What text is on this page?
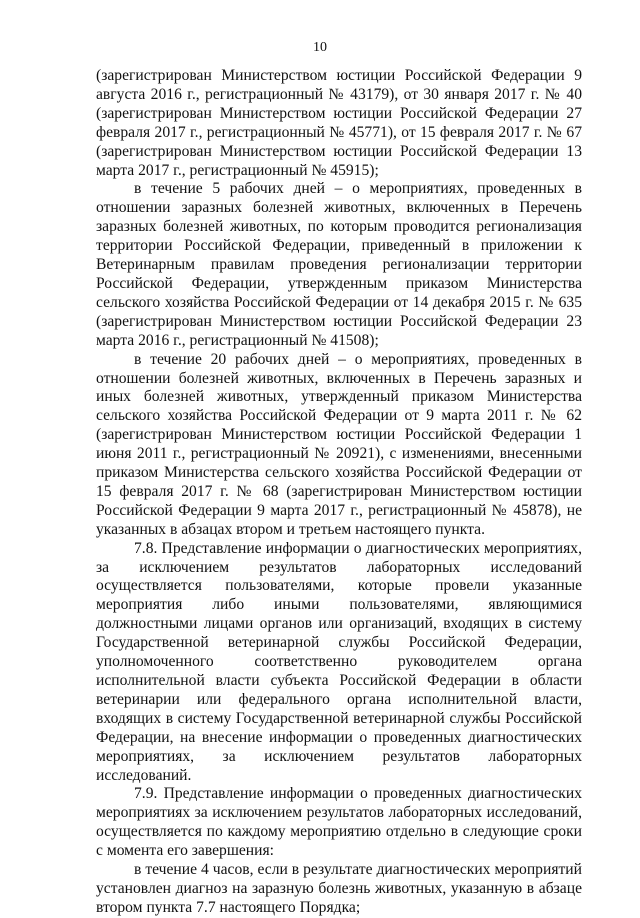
10

(зарегистрирован Министерством юстиции Российской Федерации 9 августа 2016 г., регистрационный № 43179), от 30 января 2017 г. № 40 (зарегистрирован Министерством юстиции Российской Федерации 27 февраля 2017 г., регистрационный № 45771), от 15 февраля 2017 г. № 67 (зарегистрирован Министерством юстиции Российской Федерации 13 марта 2017 г., регистрационный № 45915);

в течение 5 рабочих дней – о мероприятиях, проведенных в отношении заразных болезней животных, включенных в Перечень заразных болезней животных, по которым проводится регионализация территории Российской Федерации, приведенный в приложении к Ветеринарным правилам проведения регионализации территории Российской Федерации, утвержденным приказом Министерства сельского хозяйства Российской Федерации от 14 декабря 2015 г. № 635 (зарегистрирован Министерством юстиции Российской Федерации 23 марта 2016 г., регистрационный № 41508);

в течение 20 рабочих дней – о мероприятиях, проведенных в отношении болезней животных, включенных в Перечень заразных и иных болезней животных, утвержденный приказом Министерства сельского хозяйства Российской Федерации от 9 марта 2011 г. № 62 (зарегистрирован Министерством юстиции Российской Федерации 1 июня 2011 г., регистрационный № 20921), с изменениями, внесенными приказом Министерства сельского хозяйства Российской Федерации от 15 февраля 2017 г. № 68 (зарегистрирован Министерством юстиции Российской Федерации 9 марта 2017 г., регистрационный № 45878), не указанных в абзацах втором и третьем настоящего пункта.

7.8. Представление информации о диагностических мероприятиях, за исключением результатов лабораторных исследований осуществляется пользователями, которые провели указанные мероприятия либо иными пользователями, являющимися должностными лицами органов или организаций, входящих в систему Государственной ветеринарной службы Российской Федерации, уполномоченного соответственно руководителем органа исполнительной власти субъекта Российской Федерации в области ветеринарии или федерального органа исполнительной власти, входящих в систему Государственной ветеринарной службы Российской Федерации, на внесение информации о проведенных диагностических мероприятиях, за исключением результатов лабораторных исследований.

7.9. Представление информации о проведенных диагностических мероприятиях за исключением результатов лабораторных исследований, осуществляется по каждому мероприятию отдельно в следующие сроки с момента его завершения:

в течение 4 часов, если в результате диагностических мероприятий установлен диагноз на заразную болезнь животных, указанную в абзаце втором пункта 7.7 настоящего Порядка;
